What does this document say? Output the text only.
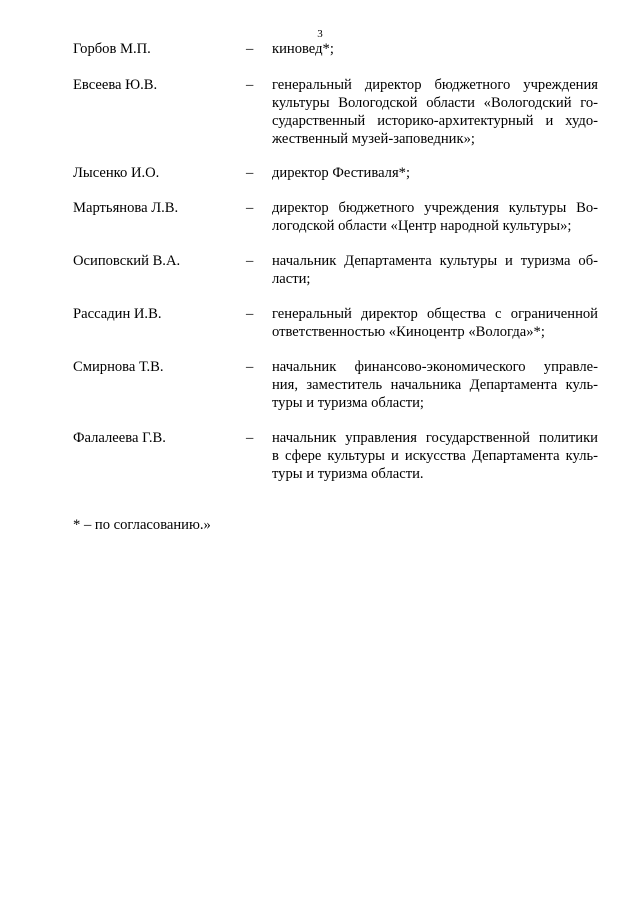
3
Горбов М.П.	– киновед*;
Евсеева Ю.В.	– генеральный директор бюджетного учреждения
культуры Вологодской области «Вологодский го-
сударственный историко-архитектурный и худо-
жественный музей-заповедник»;
Лысенко И.О.	– директор Фестиваля*;
Мартьянова Л.В.	– директор бюджетного учреждения культуры Во-
логодской области «Центр народной культуры»;
Осиповский В.А.	– начальник Департамента культуры и туризма об-
ласти;
Рассадин И.В.	– генеральный директор общества с ограниченной
ответственностью «Киноцентр «Вологда»*;
Смирнова Т.В.	– начальник финансово-экономического управле-
ния, заместитель начальника Департамента куль-
туры и туризма области;
Фалалеева Г.В.	– начальник управления государственной политики
в сфере культуры и искусства Департамента куль-
туры и туризма области.
* – по согласованию.»
